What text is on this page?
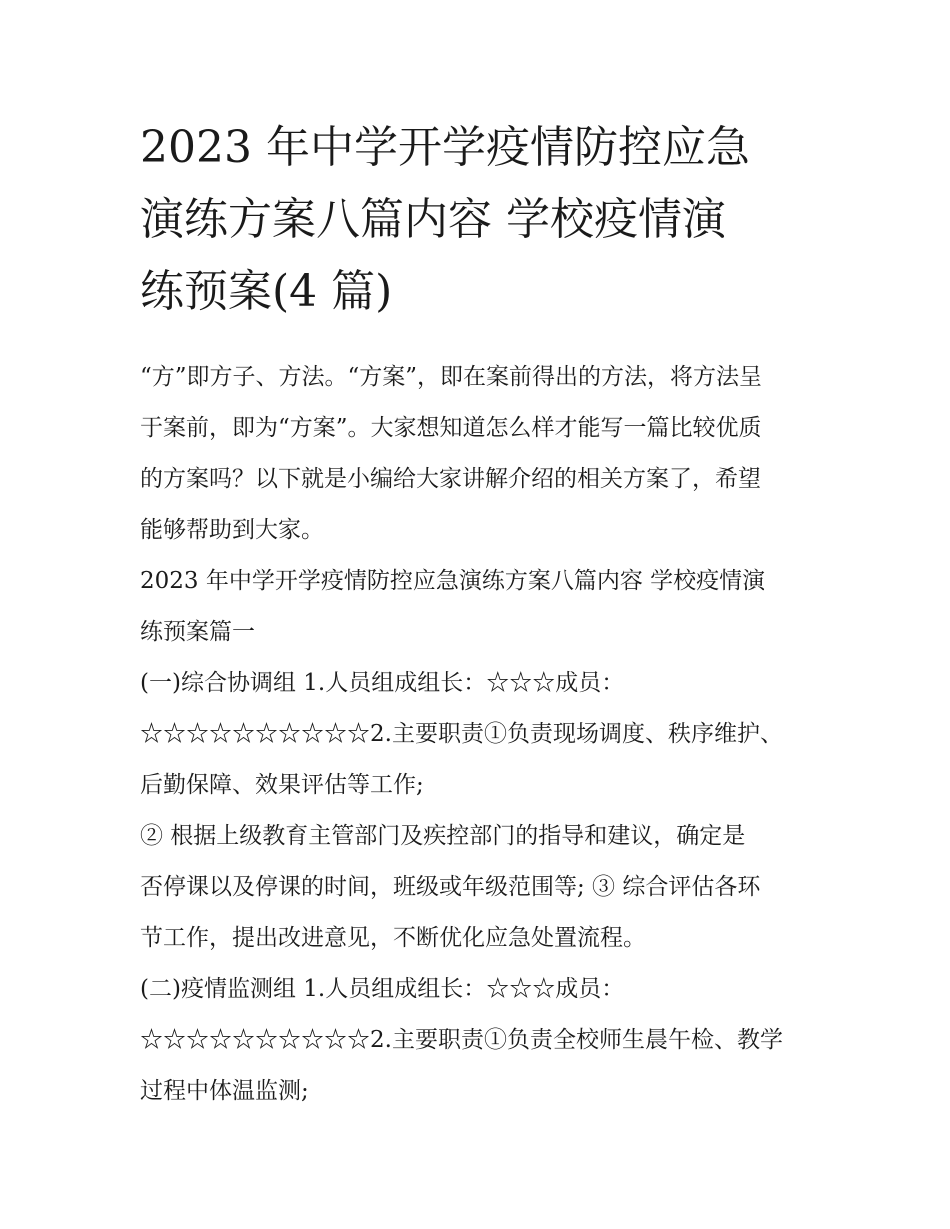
2023 年中学开学疫情防控应急
演练方案八篇内容 学校疫情演
练预案(4 篇)

“方”即方子、方法。“方案”，即在案前得出的方法，将方法呈
于案前，即为“方案”。大家想知道怎么样才能写一篇比较优质
的方案吗？以下就是小编给大家讲解介绍的相关方案了，希望
能够帮助到大家。

2023 年中学开学疫情防控应急演练方案八篇内容 学校疫情演
练预案篇一

(一)综合协调组 1.人员组成组长：☆☆☆成员：

☆☆☆☆☆☆☆☆☆☆2.主要职责①负责现场调度、秩序维护、
后勤保障、效果评估等工作;

② 根据上级教育主管部门及疾控部门的指导和建议，确定是
否停课以及停课的时间，班级或年级范围等; ③ 综合评估各环
节工作，提出改进意见，不断优化应急处置流程。

(二)疫情监测组 1.人员组成组长：☆☆☆成员：

☆☆☆☆☆☆☆☆☆☆2.主要职责①负责全校师生晨午检、教学
过程中体温监测;
